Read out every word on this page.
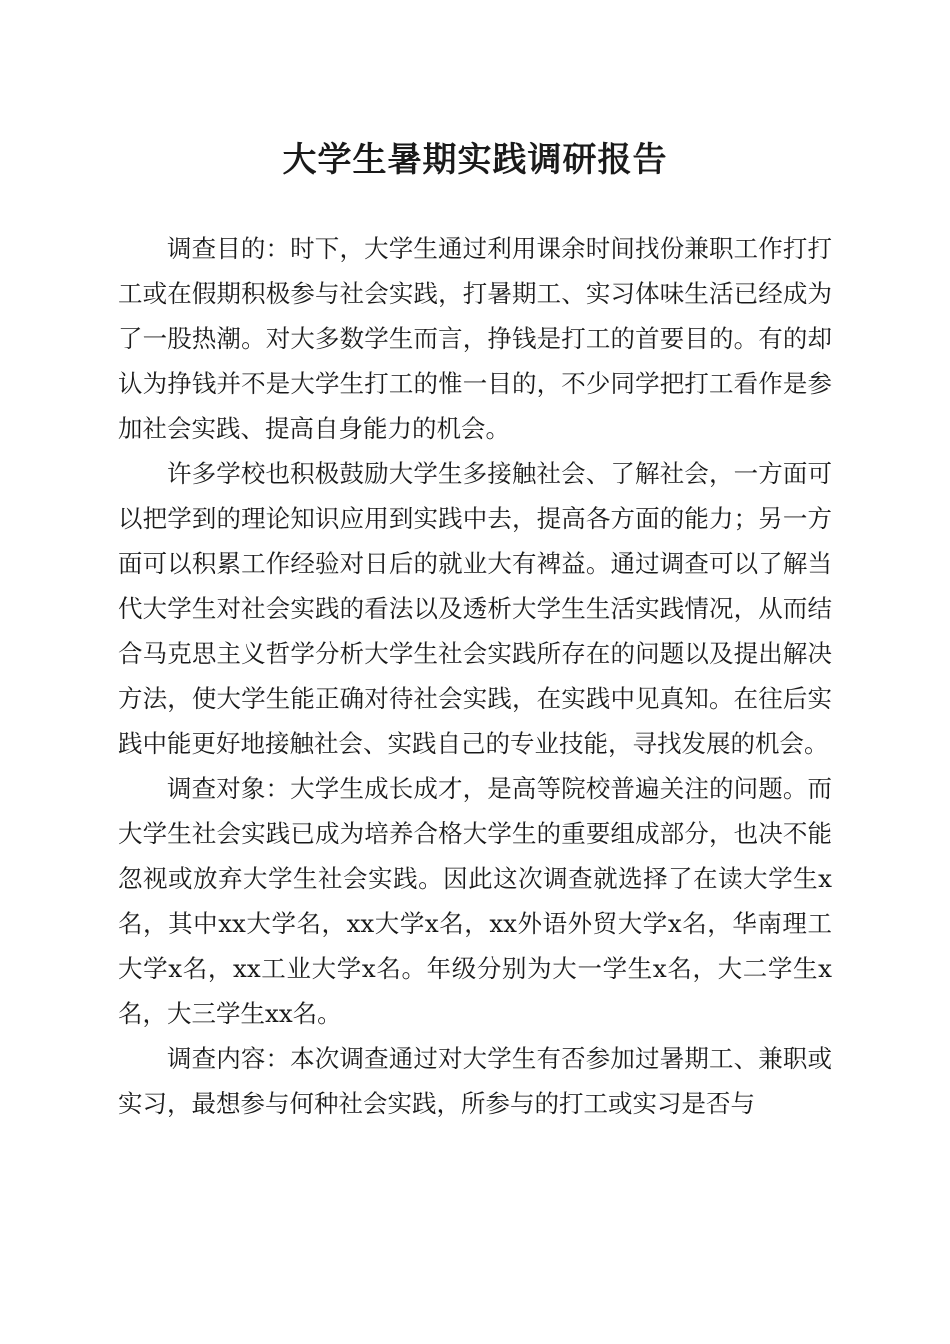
大学生暑期实践调研报告

调查目的：时下，大学生通过利用课余时间找份兼职工作打打工或在假期积极参与社会实践，打暑期工、实习体味生活已经成为了一股热潮。对大多数学生而言，挣钱是打工的首要目的。有的却认为挣钱并不是大学生打工的惟一目的，不少同学把打工看作是参加社会实践、提高自身能力的机会。

许多学校也积极鼓励大学生多接触社会、了解社会，一方面可以把学到的理论知识应用到实践中去，提高各方面的能力；另一方面可以积累工作经验对日后的就业大有裨益。通过调查可以了解当代大学生对社会实践的看法以及透析大学生生活实践情况，从而结合马克思主义哲学分析大学生社会实践所存在的问题以及提出解决方法，使大学生能正确对待社会实践，在实践中见真知。在往后实践中能更好地接触社会、实践自己的专业技能，寻找发展的机会。

调查对象：大学生成长成才，是高等院校普遍关注的问题。而大学生社会实践已成为培养合格大学生的重要组成部分，也决不能忽视或放弃大学生社会实践。因此这次调查就选择了在读大学生x名，其中xx大学名，xx大学x名，xx外语外贸大学x名，华南理工大学x名，xx工业大学x名。年级分别为大一学生x名，大二学生x名，大三学生xx名。

调查内容：本次调查通过对大学生有否参加过暑期工、兼职或实习，最想参与何种社会实践，所参与的打工或实习是否与
